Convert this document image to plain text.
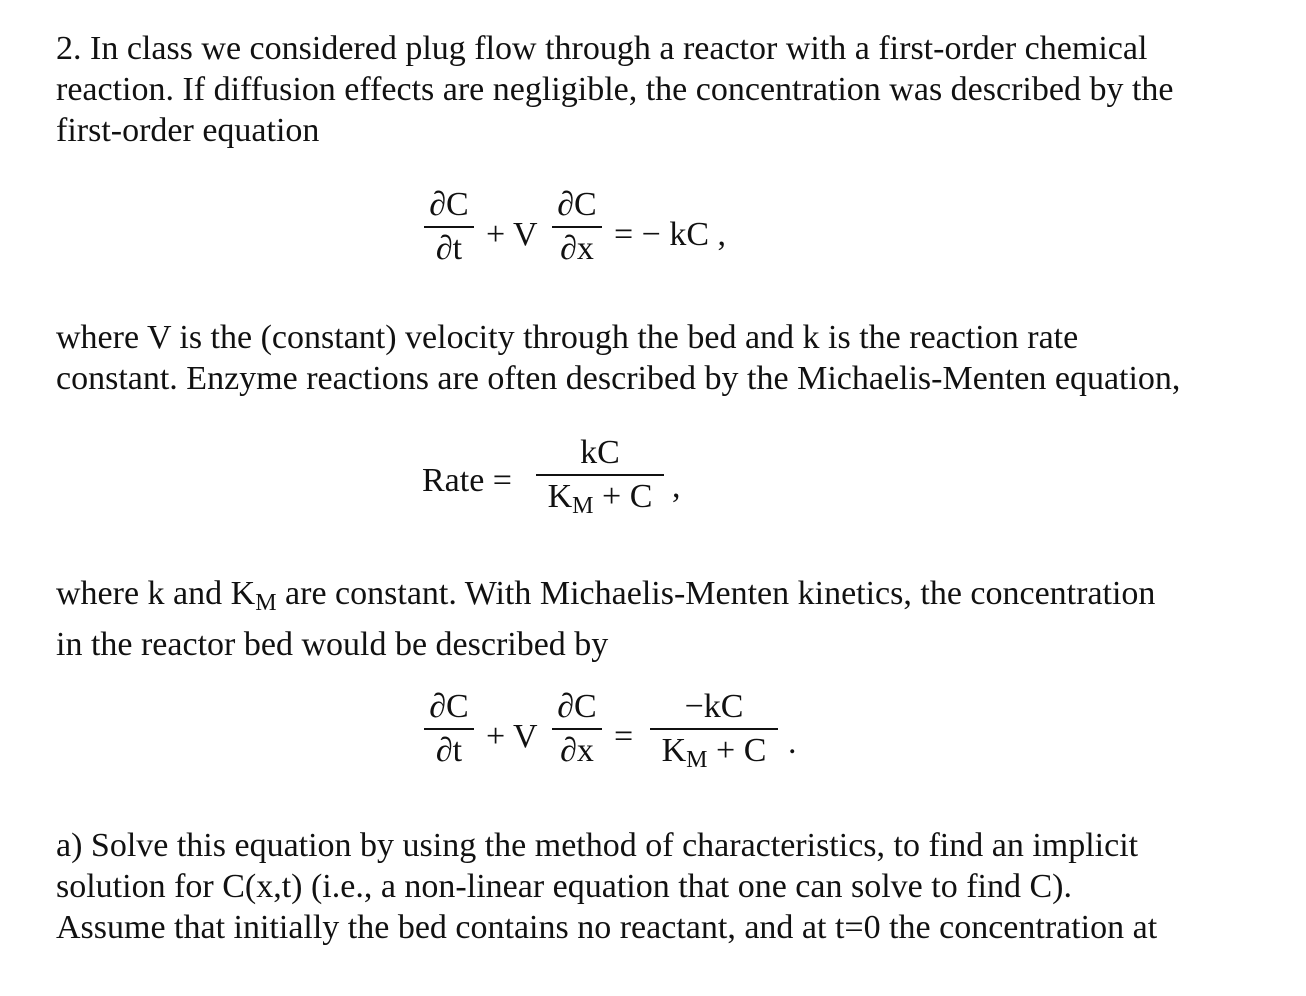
2. In class we considered plug flow through a reactor with a first-order chemical
reaction. If diffusion effects are negligible, the concentration was described by the
first-order equation

∂C
∂t + V
∂C
∂x = − kC ,

where V is the (constant) velocity through the bed and k is the reaction rate
constant. Enzyme reactions are often described by the Michaelis-Menten equation,

Rate =
kC
$K_M + C$ ,

where k and $K_M$ are constant. With Michaelis-Menten kinetics, the concentration
in the reactor bed would be described by

∂C
∂t + V
∂C
∂x =
−kC
$K_M + C$ .

a) Solve this equation by using the method of characteristics, to find an implicit
solution for C(x,t) (i.e., a non-linear equation that one can solve to find C).
Assume that initially the bed contains no reactant, and at t=0 the concentration at
